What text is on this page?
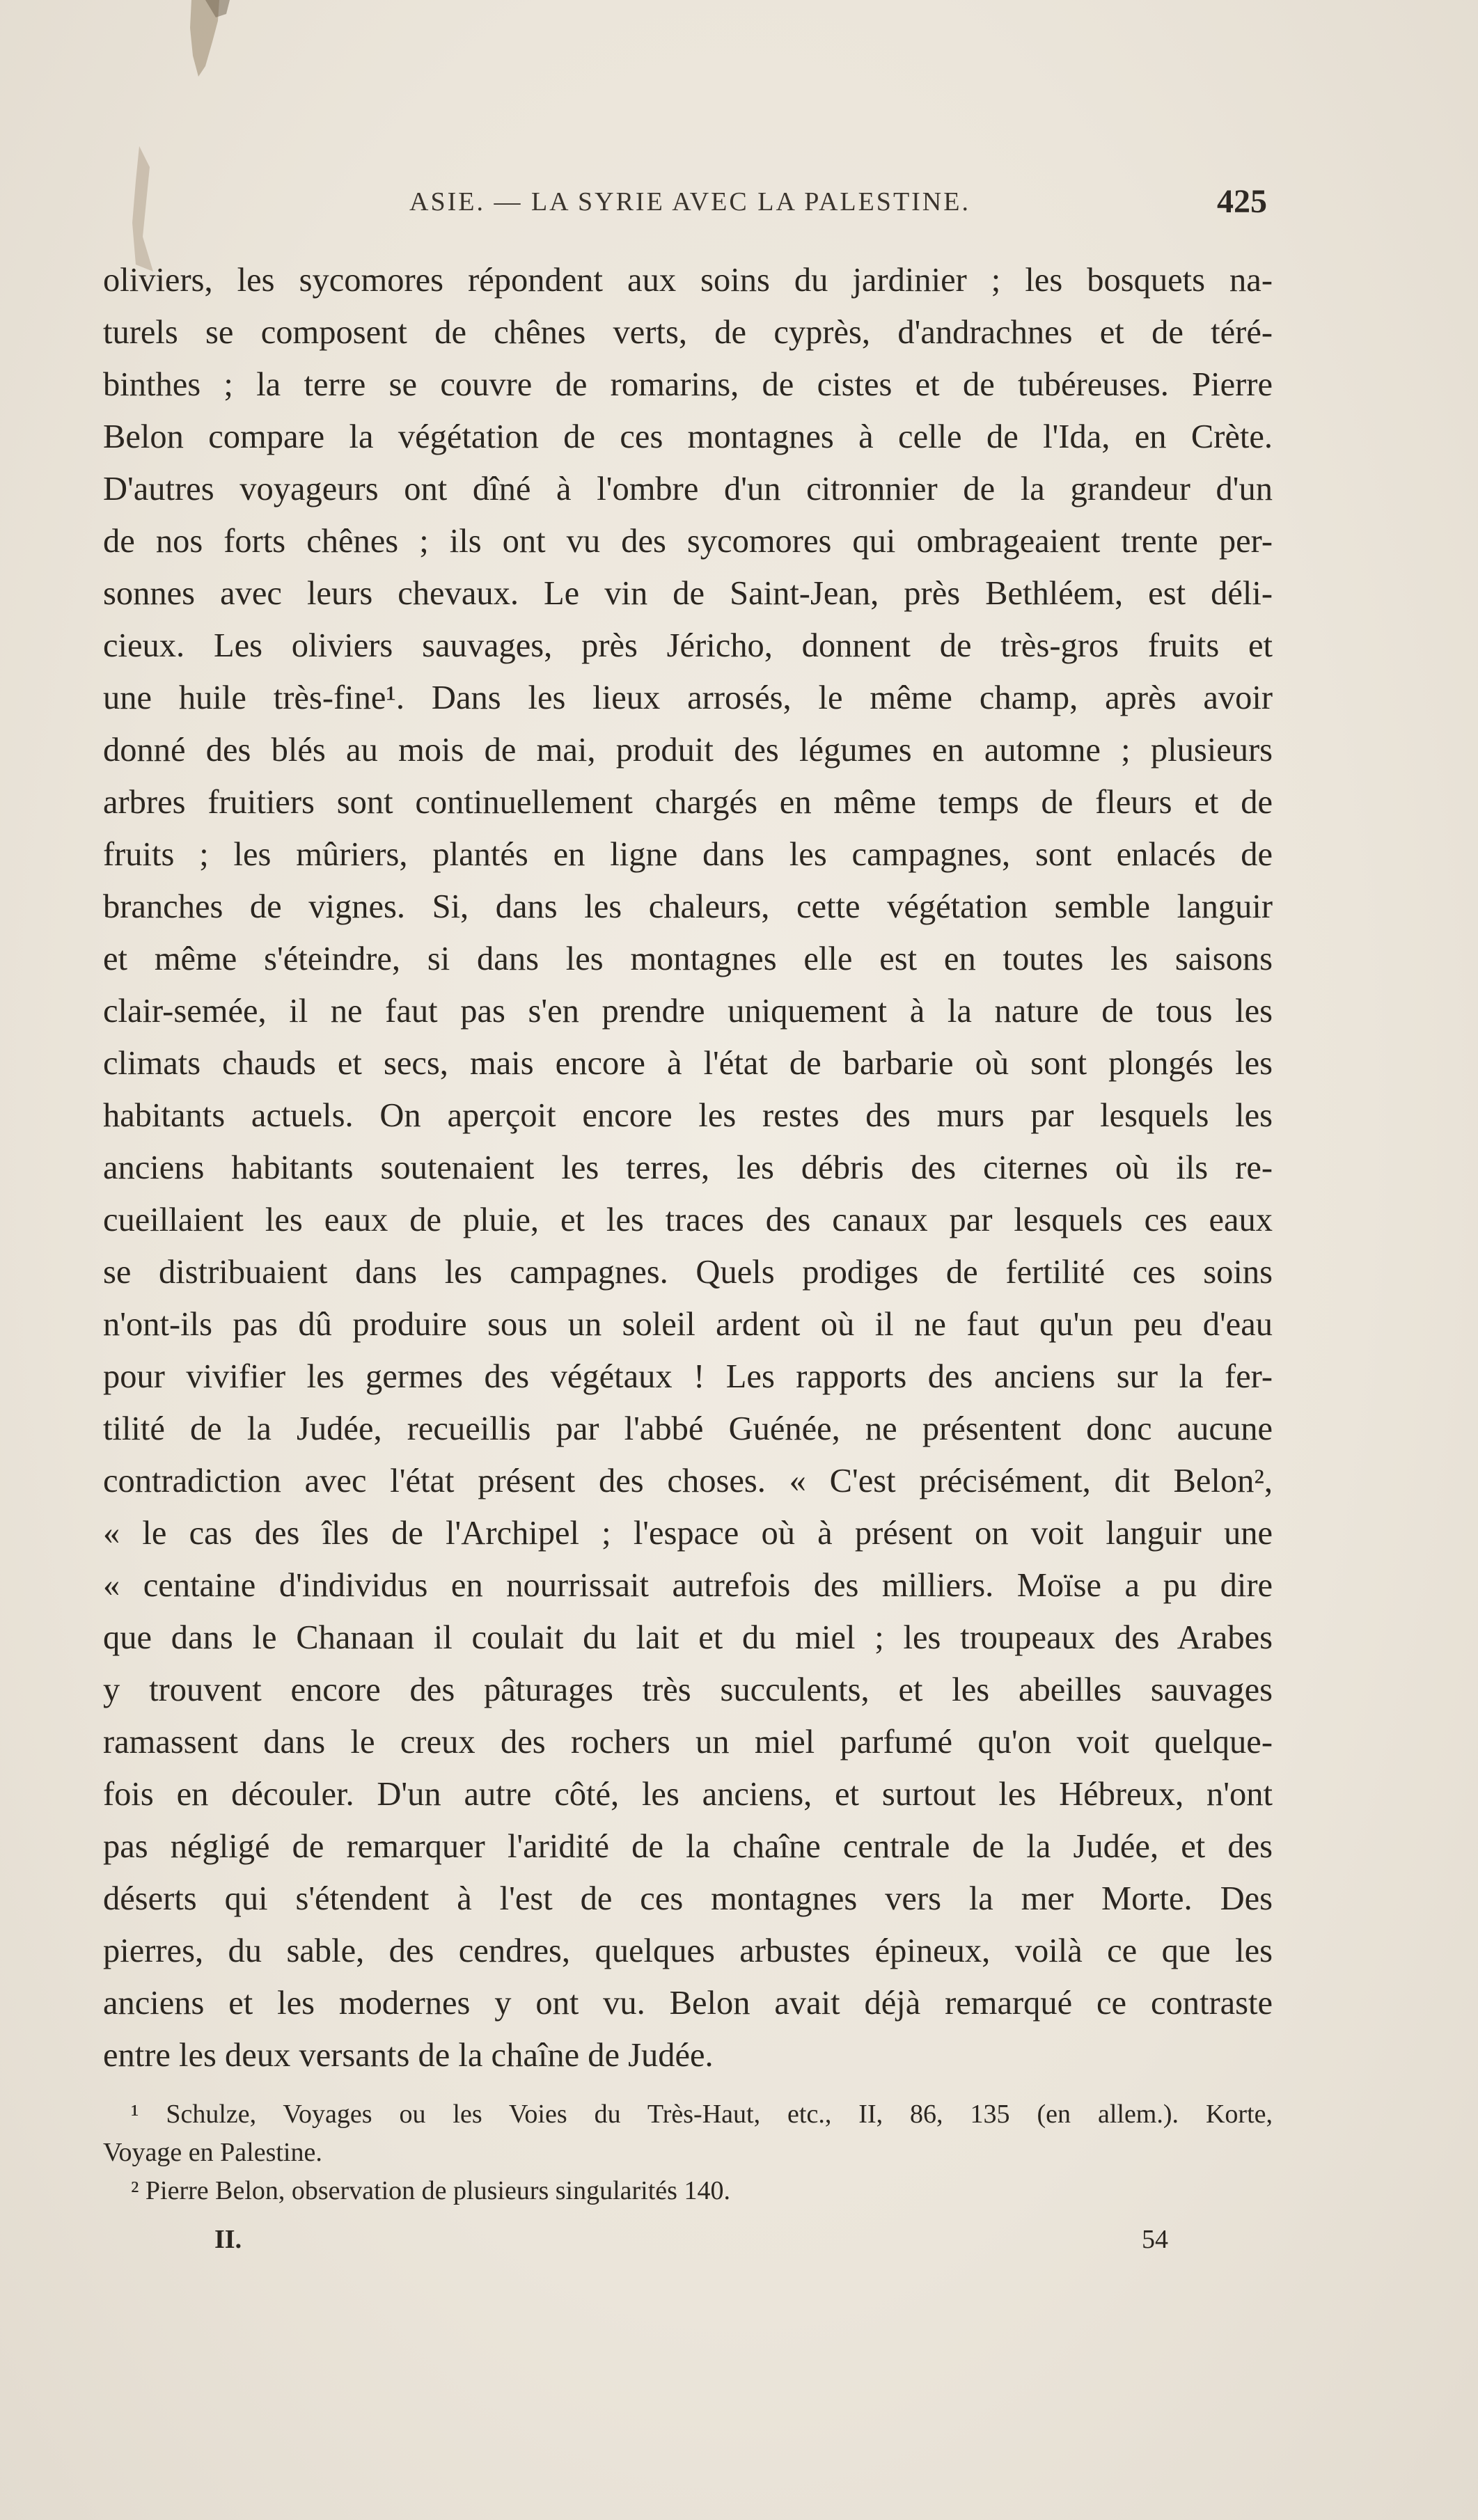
ASIE. — LA SYRIE AVEC LA PALESTINE.	425
oliviers, les sycomores répondent aux soins du jardinier ; les bosquets na-
turels se composent de chênes verts, de cyprès, d'andrachnes et de téré-
binthes ; la terre se couvre de romarins, de cistes et de tubéreuses. Pierre
Belon compare la végétation de ces montagnes à celle de l'Ida, en Crète.
D'autres voyageurs ont dîné à l'ombre d'un citronnier de la grandeur d'un
de nos forts chênes ; ils ont vu des sycomores qui ombrageaient trente per-
sonnes avec leurs chevaux. Le vin de Saint-Jean, près Bethléem, est déli-
cieux. Les oliviers sauvages, près Jéricho, donnent de très-gros fruits et
une huile très-fine¹. Dans les lieux arrosés, le même champ, après avoir
donné des blés au mois de mai, produit des légumes en automne ; plusieurs
arbres fruitiers sont continuellement chargés en même temps de fleurs et de
fruits ; les mûriers, plantés en ligne dans les campagnes, sont enlacés de
branches de vignes. Si, dans les chaleurs, cette végétation semble languir
et même s'éteindre, si dans les montagnes elle est en toutes les saisons
clair-semée, il ne faut pas s'en prendre uniquement à la nature de tous les
climats chauds et secs, mais encore à l'état de barbarie où sont plongés les
habitants actuels. On aperçoit encore les restes des murs par lesquels les
anciens habitants soutenaient les terres, les débris des citernes où ils re-
cueillaient les eaux de pluie, et les traces des canaux par lesquels ces eaux
se distribuaient dans les campagnes. Quels prodiges de fertilité ces soins
n'ont-ils pas dû produire sous un soleil ardent où il ne faut qu'un peu d'eau
pour vivifier les germes des végétaux ! Les rapports des anciens sur la fer-
tilité de la Judée, recueillis par l'abbé Guénée, ne présentent donc aucune
contradiction avec l'état présent des choses. « C'est précisément, dit Belon²,
« le cas des îles de l'Archipel ; l'espace où à présent on voit languir une
« centaine d'individus en nourrissait autrefois des milliers. Moïse a pu dire
que dans le Chanaan il coulait du lait et du miel ; les troupeaux des Arabes
y trouvent encore des pâturages très succulents, et les abeilles sauvages
ramassent dans le creux des rochers un miel parfumé qu'on voit quelque-
fois en découler. D'un autre côté, les anciens, et surtout les Hébreux, n'ont
pas négligé de remarquer l'aridité de la chaîne centrale de la Judée, et des
déserts qui s'étendent à l'est de ces montagnes vers la mer Morte. Des
pierres, du sable, des cendres, quelques arbustes épineux, voilà ce que les
anciens et les modernes y ont vu. Belon avait déjà remarqué ce contraste
entre les deux versants de la chaîne de Judée.
¹ Schulze, Voyages ou les Voies du Très-Haut, etc., II, 86, 135 (en allem.). Korte,
Voyage en Palestine.
² Pierre Belon, observation de plusieurs singularités 140.
II.	54
